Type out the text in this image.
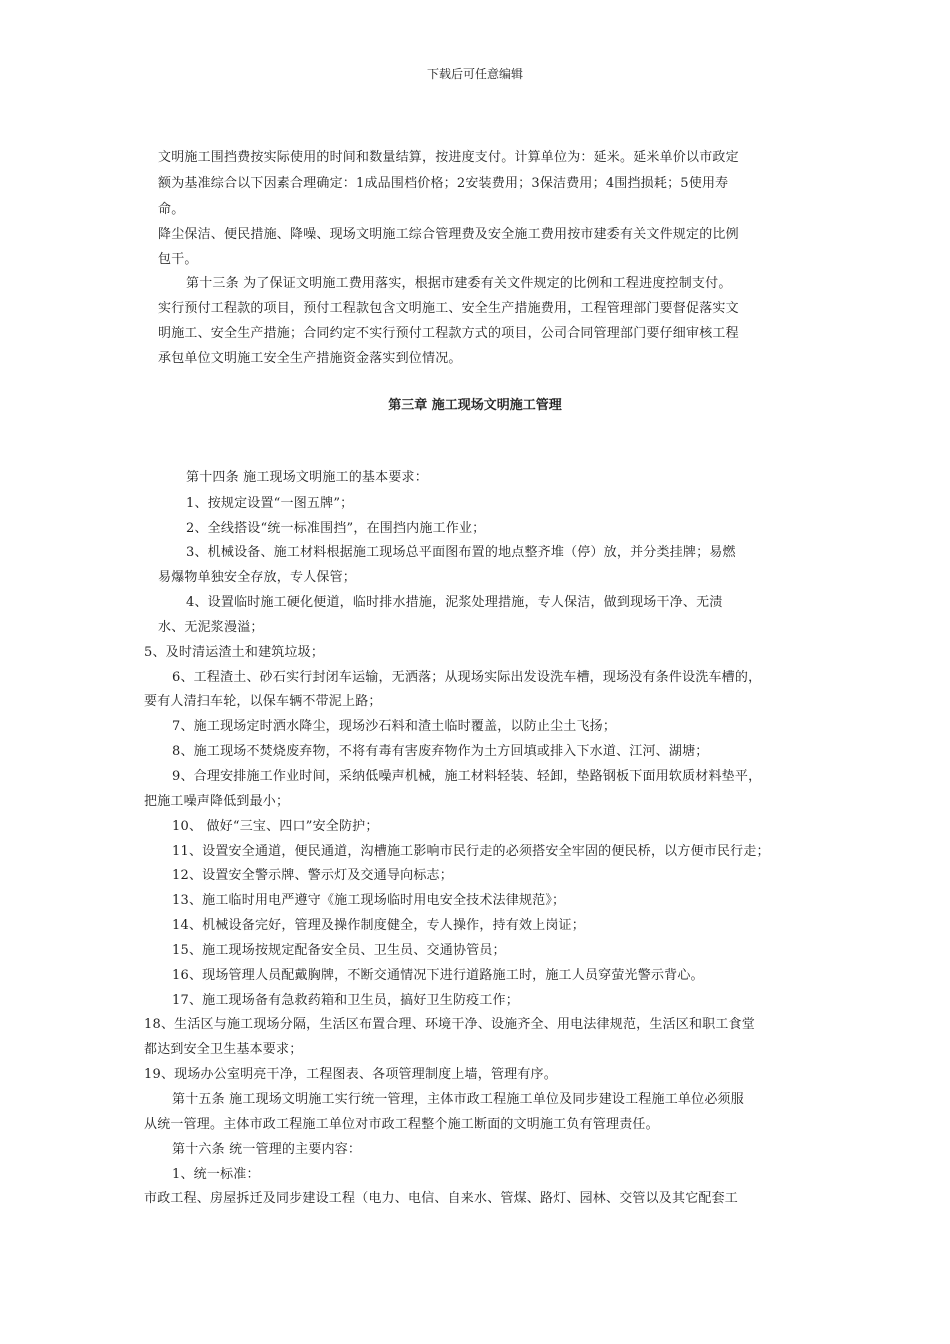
下载后可任意编辑
文明施工围挡费按实际使用的时间和数量结算，按进度支付。计算单位为：延米。延米单价以市政定
额为基准综合以下因素合理确定：1成品围档价格；2安装费用；3保洁费用；4围挡损耗；5使用寿
命。
降尘保洁、便民措施、降噪、现场文明施工综合管理费及安全施工费用按市建委有关文件规定的比例
包干。
第十三条 为了保证文明施工费用落实，根据市建委有关文件规定的比例和工程进度控制支付。
实行预付工程款的项目，预付工程款包含文明施工、安全生产措施费用，工程管理部门要督促落实文
明施工、安全生产措施；合同约定不实行预付工程款方式的项目，公司合同管理部门要仔细审核工程
承包单位文明施工安全生产措施资金落实到位情况。
第三章 施工现场文明施工管理
第十四条 施工现场文明施工的基本要求：
1、按规定设置“一图五牌”；
2、全线搭设“统一标准围挡”，在围挡内施工作业；
3、机械设备、施工材料根据施工现场总平面图布置的地点整齐堆（停）放，并分类挂牌；易燃
易爆物单独安全存放，专人保管；
4、设置临时施工硬化便道，临时排水措施，泥浆处理措施，专人保洁，做到现场干净、无渍
水、无泥浆漫溢；
5、及时清运渣土和建筑垃圾；
6、工程渣土、砂石实行封闭车运输，无洒落；从现场实际出发设洗车槽，现场没有条件设洗车槽的，
要有人清扫车轮，以保车辆不带泥上路；
7、施工现场定时洒水降尘，现场沙石料和渣土临时覆盖，以防止尘土飞扬；
8、施工现场不焚烧废弃物，不将有毒有害废弃物作为土方回填或排入下水道、江河、湖塘；
9、合理安排施工作业时间，采纳低噪声机械，施工材料轻装、轻卸，垫路钢板下面用软质材料垫平，
把施工噪声降低到最小；
10、 做好“三宝、四口”安全防护；
11、设置安全通道，便民通道，沟槽施工影响市民行走的必须搭安全牢固的便民桥，以方便市民行走；
12、设置安全警示牌、警示灯及交通导向标志；
13、施工临时用电严遵守《施工现场临时用电安全技术法律规范》；
14、机械设备完好，管理及操作制度健全，专人操作，持有效上岗证；
15、施工现场按规定配备安全员、卫生员、交通协管员；
16、现场管理人员配戴胸牌，不断交通情况下进行道路施工时，施工人员穿萤光警示背心。
17、施工现场备有急救药箱和卫生员，搞好卫生防疫工作；
18、生活区与施工现场分隔，生活区布置合理、环境干净、设施齐全、用电法律规范，生活区和职工食堂
都达到安全卫生基本要求；
19、现场办公室明亮干净，工程图表、各项管理制度上墙，管理有序。
第十五条 施工现场文明施工实行统一管理，主体市政工程施工单位及同步建设工程施工单位必须服
从统一管理。主体市政工程施工单位对市政工程整个施工断面的文明施工负有管理责任。
第十六条 统一管理的主要内容：
1、统一标准：
市政工程、房屋拆迁及同步建设工程（电力、电信、自来水、管煤、路灯、园林、交管以及其它配套工
